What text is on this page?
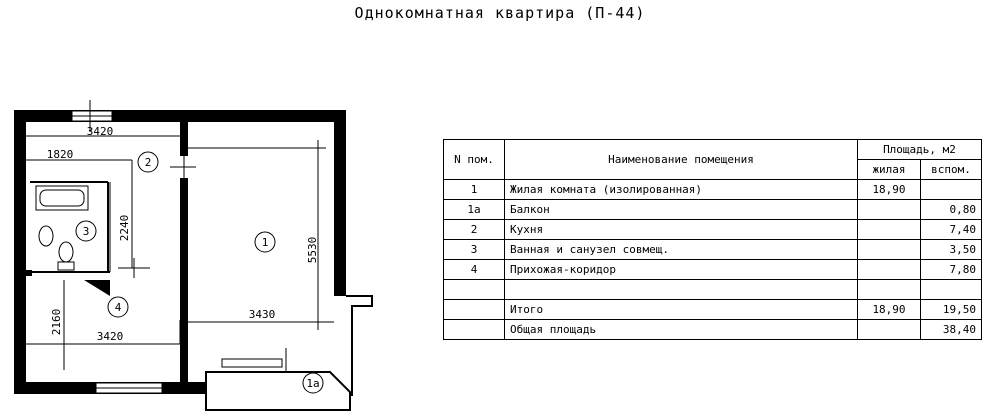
Однокомнатная квартира (П-44)
3420
1820
2240
5530
3430
2160
3420
1
2
3
4
1а
N пом.	Наименование помещения	Площадь, м2	
		жилая	вспом.
1	Жилая комната (изолированная)	18,90	
1а	Балкон		0,80
2	Кухня		7,40
3	Ванная и санузел совмещ.		3,50
4	Прихожая-коридор		7,80

	Итого	18,90	19,50
	Общая площадь		38,40
